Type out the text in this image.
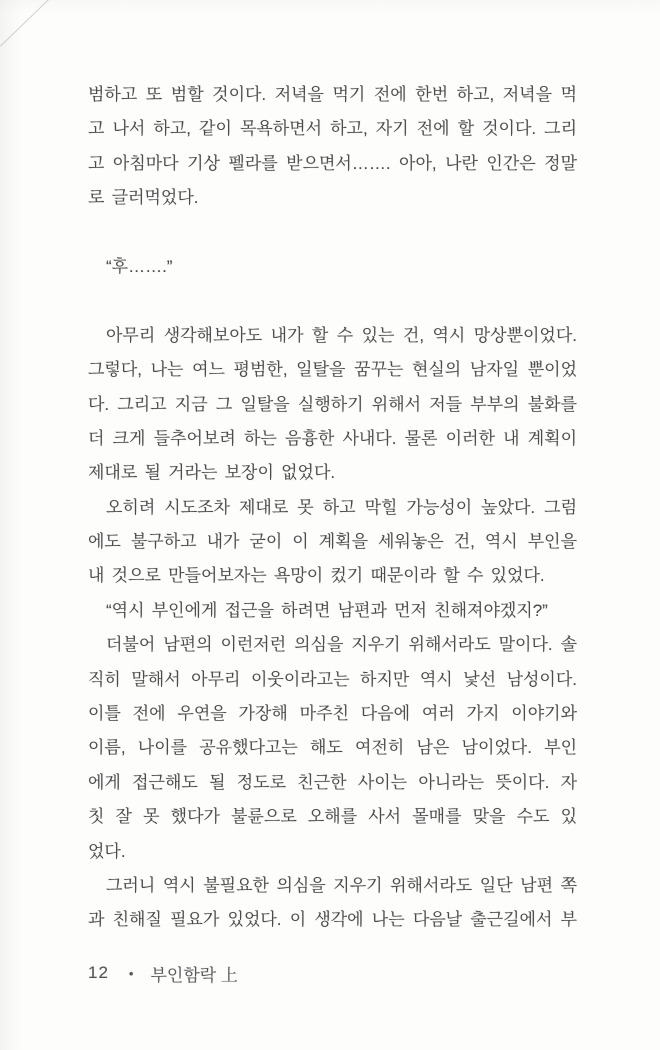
범하고 또 범할 것이다. 저녁을 먹기 전에 한번 하고, 저녁을 먹
고 나서 하고, 같이 목욕하면서 하고, 자기 전에 할 것이다. 그리
고 아침마다 기상 펠라를 받으면서……. 아아, 나란 인간은 정말
로 글러먹었다.
“후…….”
아무리 생각해보아도 내가 할 수 있는 건, 역시 망상뿐이었다.
그렇다, 나는 여느 평범한, 일탈을 꿈꾸는 현실의 남자일 뿐이었
다. 그리고 지금 그 일탈을 실행하기 위해서 저들 부부의 불화를
더 크게 들추어보려 하는 음흉한 사내다. 물론 이러한 내 계획이
제대로 될 거라는 보장이 없었다.
오히려 시도조차 제대로 못 하고 막힐 가능성이 높았다. 그럼
에도 불구하고 내가 굳이 이 계획을 세워놓은 건, 역시 부인을
내 것으로 만들어보자는 욕망이 컸기 때문이라 할 수 있었다.
“역시 부인에게 접근을 하려면 남편과 먼저 친해져야겠지?”
더불어 남편의 이런저런 의심을 지우기 위해서라도 말이다. 솔
직히 말해서 아무리 이웃이라고는 하지만 역시 낯선 남성이다.
이틀 전에 우연을 가장해 마주친 다음에 여러 가지 이야기와
이름, 나이를 공유했다고는 해도 여전히 남은 남이었다. 부인
에게 접근해도 될 정도로 친근한 사이는 아니라는 뜻이다. 자
칫 잘 못 했다가 불륜으로 오해를 사서 몰매를 맞을 수도 있
었다.
그러니 역시 불필요한 의심을 지우기 위해서라도 일단 남편 쪽
과 친해질 필요가 있었다. 이 생각에 나는 다음날 출근길에서 부
12 • 부인함락 上
